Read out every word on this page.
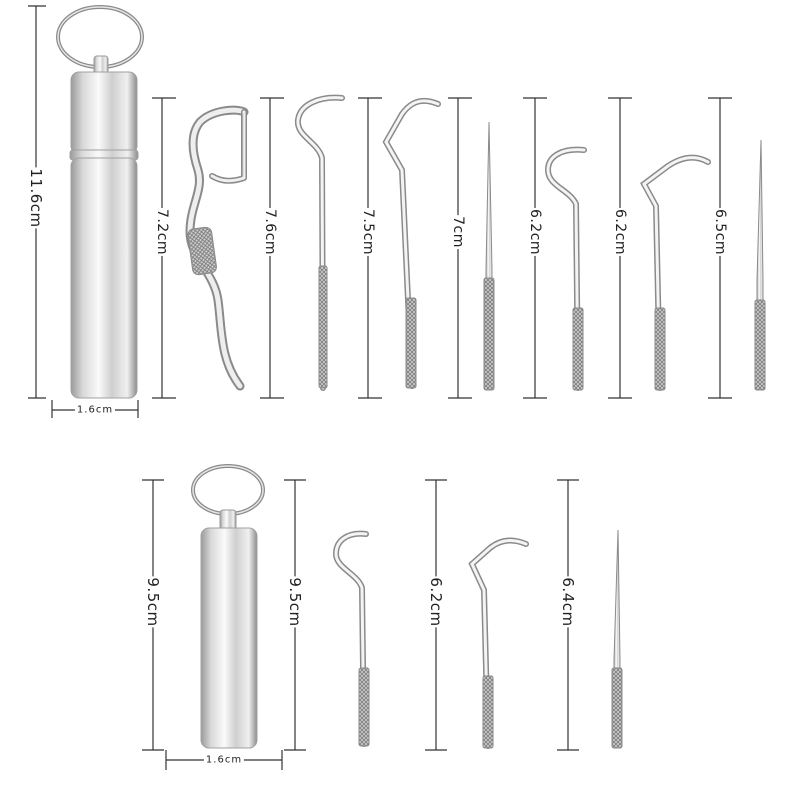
11.6cm
1.6cm
7.2cm	7.6cm	7.5cm	7cm	6.2cm	6.2cm	6.5cm
9.5cm
1.6cm
9.5cm	6.2cm	6.4cm
